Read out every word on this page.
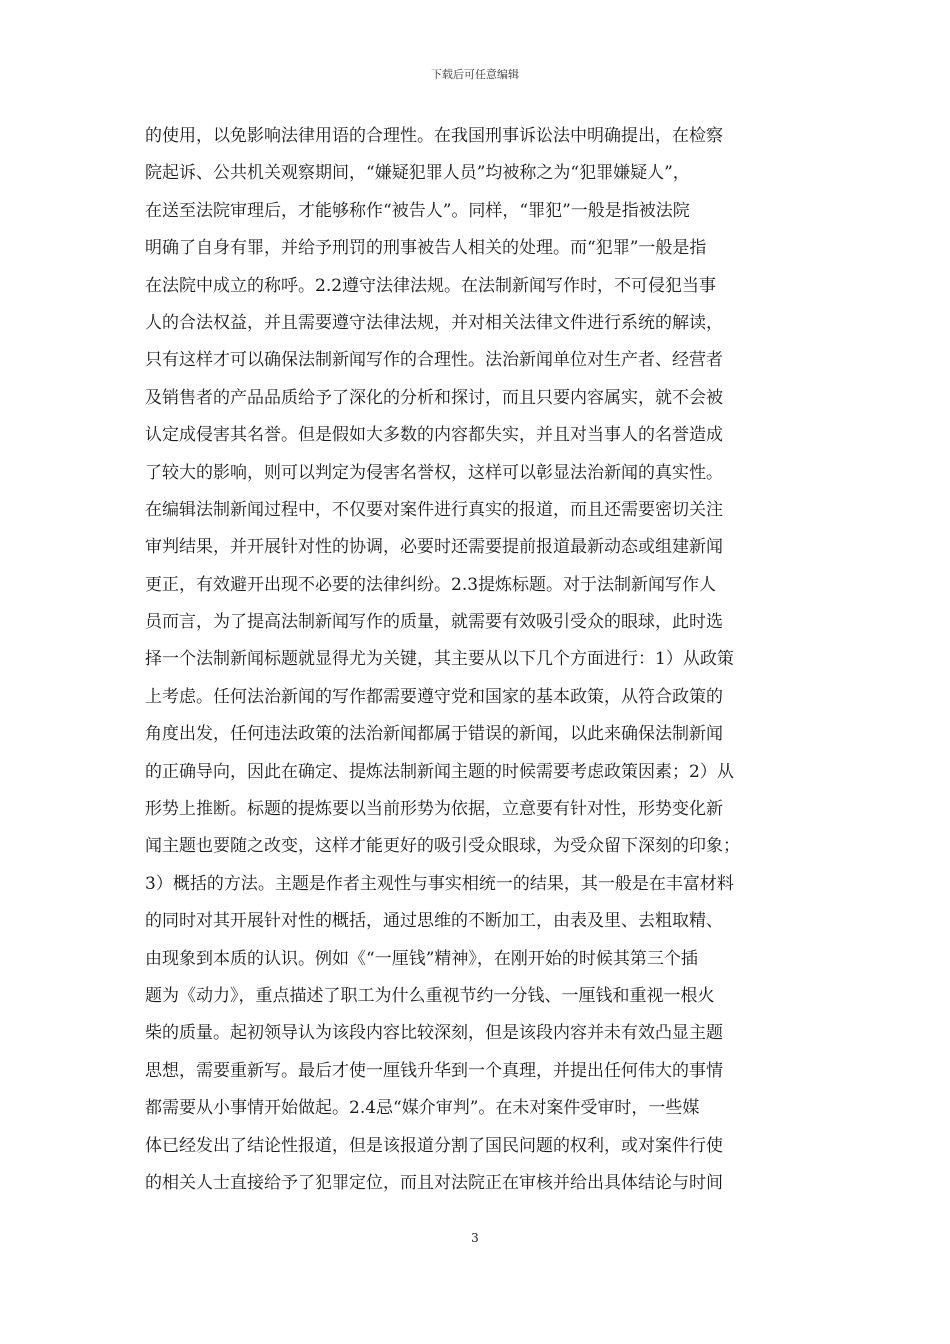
下载后可任意编辑
的使用，以免影响法律用语的合理性。在我国刑事诉讼法中明确提出，在检察
院起诉、公共机关观察期间，“嫌疑犯罪人员”均被称之为“犯罪嫌疑人”，
在送至法院审理后，才能够称作“被告人”。同样，“罪犯”一般是指被法院
明确了自身有罪，并给予刑罚的刑事被告人相关的处理。而“犯罪”一般是指
在法院中成立的称呼。2.2遵守法律法规。在法制新闻写作时，不可侵犯当事
人的合法权益，并且需要遵守法律法规，并对相关法律文件进行系统的解读，
只有这样才可以确保法制新闻写作的合理性。法治新闻单位对生产者、经营者
及销售者的产品品质给予了深化的分析和探讨，而且只要内容属实，就不会被
认定成侵害其名誉。但是假如大多数的内容都失实，并且对当事人的名誉造成
了较大的影响，则可以判定为侵害名誉权，这样可以彰显法治新闻的真实性。
在编辑法制新闻过程中，不仅要对案件进行真实的报道，而且还需要密切关注
审判结果，并开展针对性的协调，必要时还需要提前报道最新动态或组建新闻
更正，有效避开出现不必要的法律纠纷。2.3提炼标题。对于法制新闻写作人
员而言，为了提高法制新闻写作的质量，就需要有效吸引受众的眼球，此时选
择一个法制新闻标题就显得尤为关键，其主要从以下几个方面进行：1）从政策
上考虑。任何法治新闻的写作都需要遵守党和国家的基本政策，从符合政策的
角度出发，任何违法政策的法治新闻都属于错误的新闻，以此来确保法制新闻
的正确导向，因此在确定、提炼法制新闻主题的时候需要考虑政策因素；2）从
形势上推断。标题的提炼要以当前形势为依据，立意要有针对性，形势变化新
闻主题也要随之改变，这样才能更好的吸引受众眼球，为受众留下深刻的印象；
3）概括的方法。主题是作者主观性与事实相统一的结果，其一般是在丰富材料
的同时对其开展针对性的概括，通过思维的不断加工，由表及里、去粗取精、
由现象到本质的认识。例如《“一厘钱”精神》，在刚开始的时候其第三个插
题为《动力》，重点描述了职工为什么重视节约一分钱、一厘钱和重视一根火
柴的质量。起初领导认为该段内容比较深刻，但是该段内容并未有效凸显主题
思想，需要重新写。最后才使一厘钱升华到一个真理，并提出任何伟大的事情
都需要从小事情开始做起。2.4忌“媒介审判”。在未对案件受审时，一些媒
体已经发出了结论性报道，但是该报道分割了国民问题的权利，或对案件行使
的相关人士直接给予了犯罪定位，而且对法院正在审核并给出具体结论与时间
3
